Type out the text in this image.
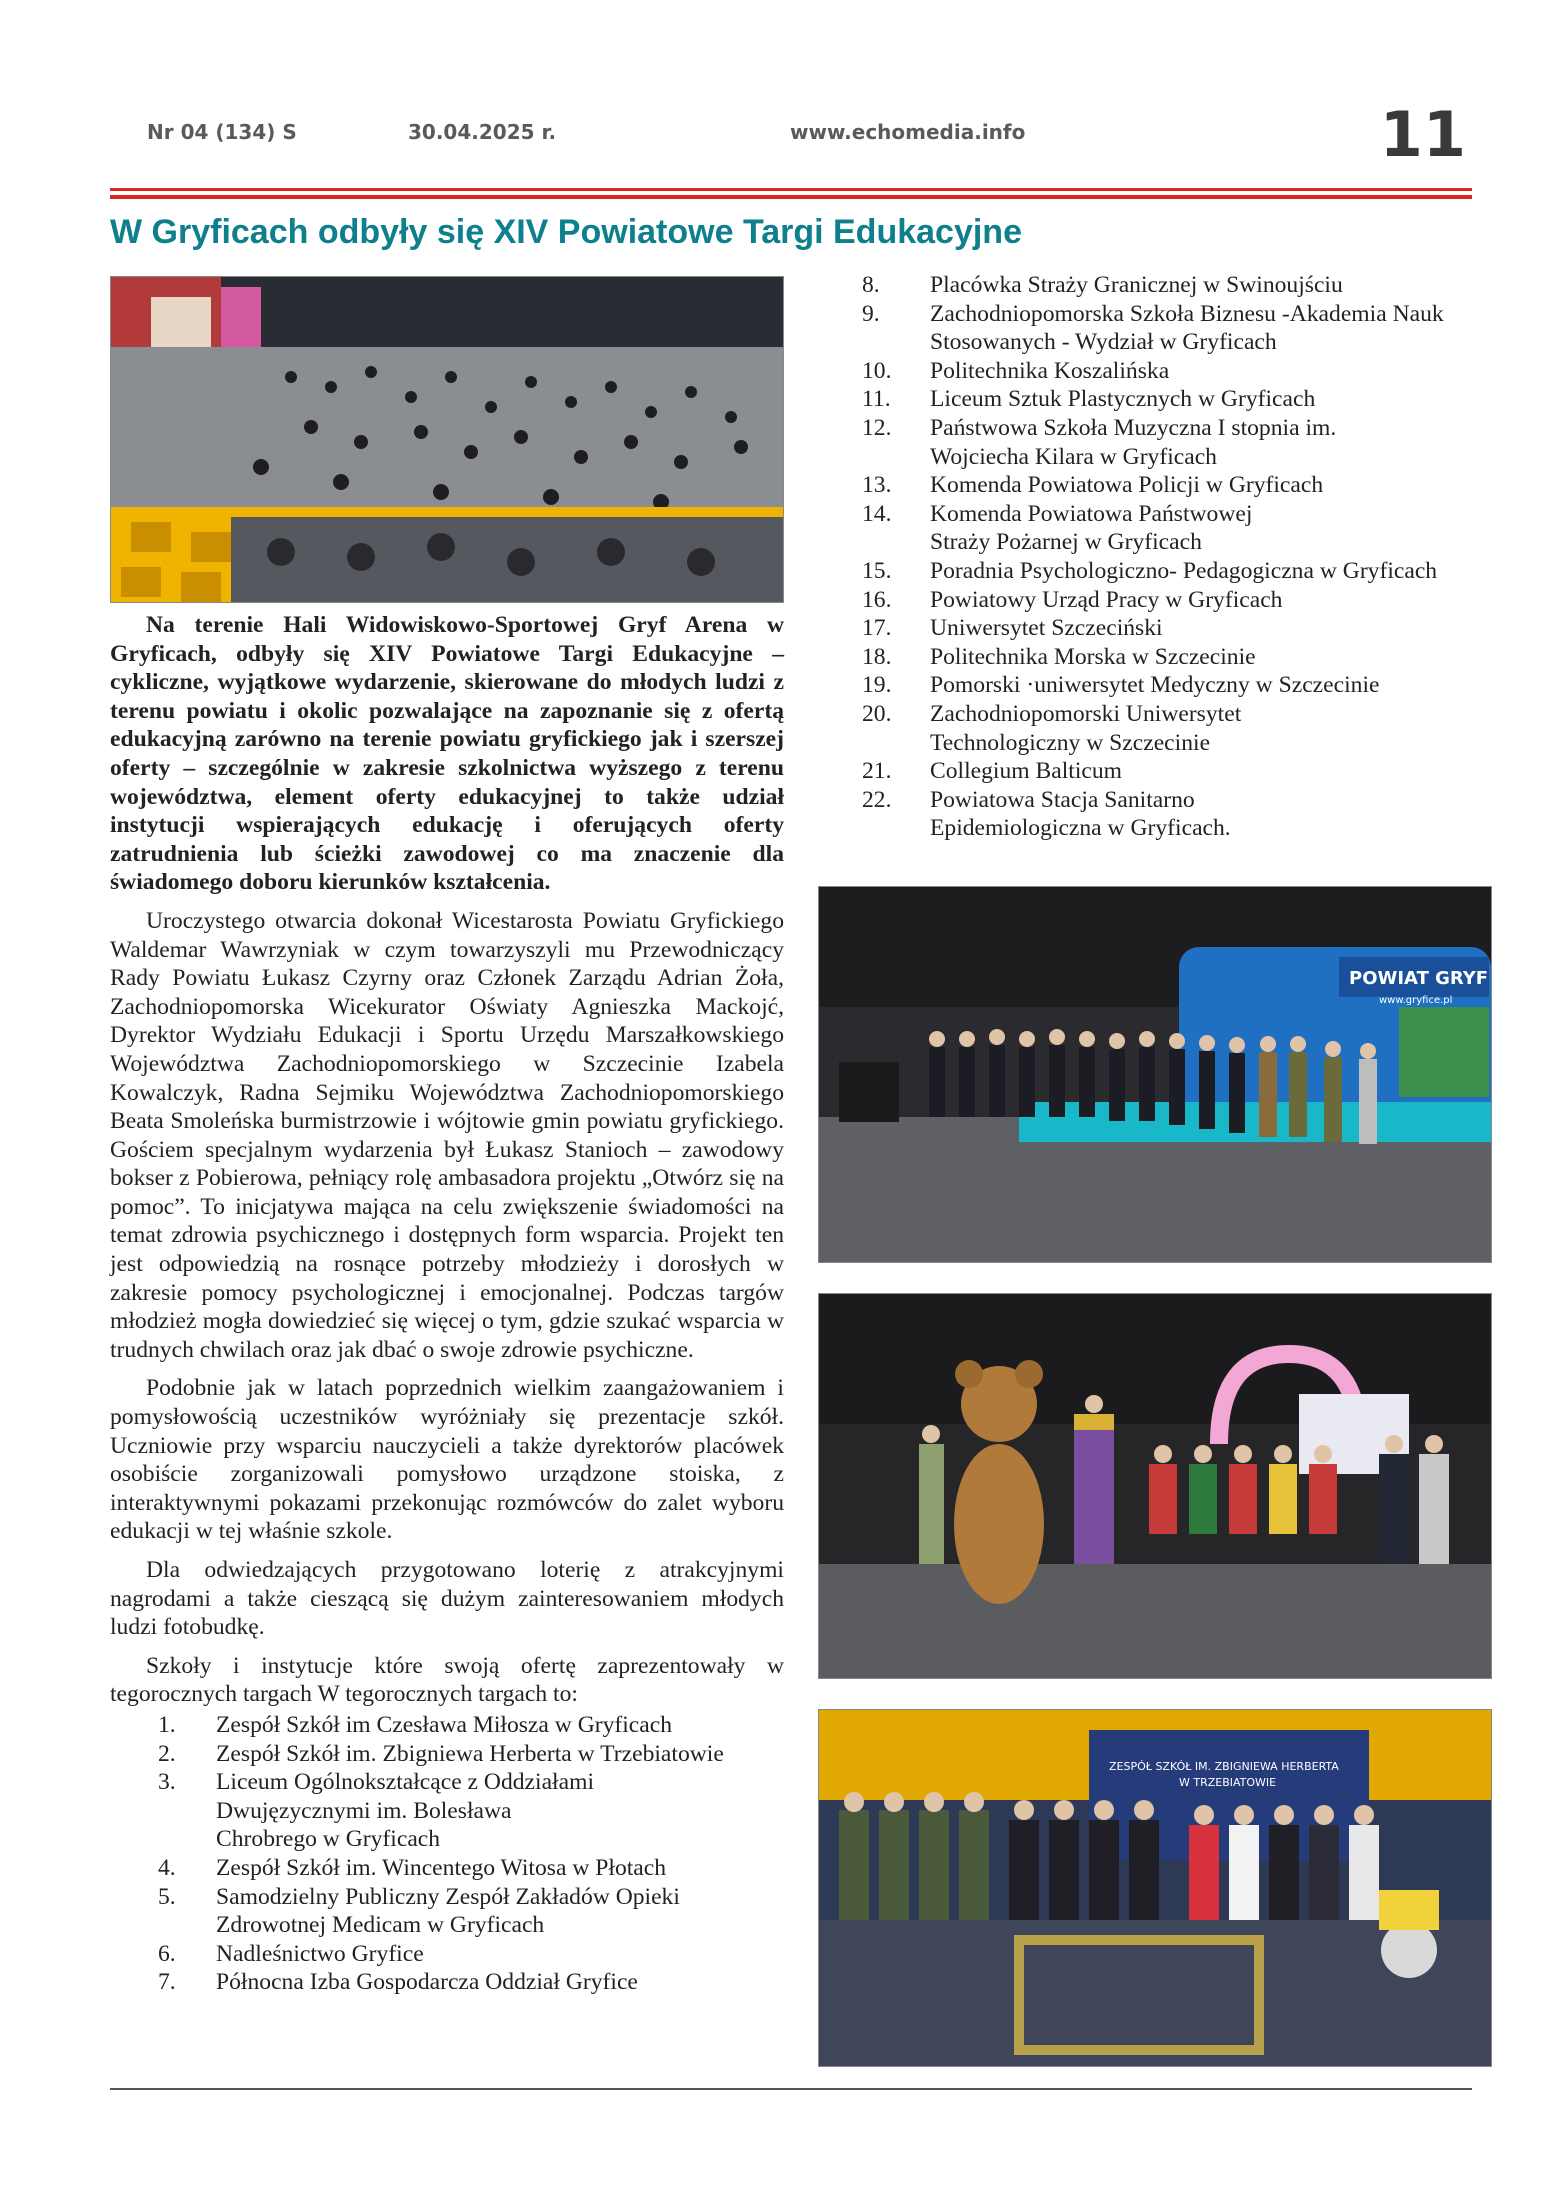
Nr 04 (134) S	30.04.2025 r.	www.echomedia.info	11
W Gryficach odbyły się XIV Powiatowe Targi Edukacyjne

Na terenie Hali Widowiskowo-Sportowej Gryf Arena w Gryficach, odbyły się XIV Powiatowe Targi Edukacyjne – cykliczne, wyjątkowe wydarzenie, skierowane do młodych ludzi z terenu powiatu i okolic pozwalające na zapoznanie się z ofertą edukacyjną zarówno na terenie powiatu gryfickiego jak i szerszej oferty – szczególnie w zakresie szkolnictwa wyższego z terenu województwa, element oferty edukacyjnej to także udział instytucji wspierających edukację i oferujących oferty zatrudnienia lub ścieżki zawodowej co ma znaczenie dla świadomego doboru kierunków kształcenia.

Uroczystego otwarcia dokonał Wicestarosta Powiatu Gryfickiego Waldemar Wawrzyniak w czym towarzyszyli mu Przewodniczący Rady Powiatu Łukasz Czyrny oraz Członek Zarządu Adrian Żoła, Zachodniopomorska Wicekurator Oświaty Agnieszka Mackojć, Dyrektor Wydziału Edukacji i Sportu Urzędu Marszałkowskiego Województwa Zachodniopomorskiego w Szczecinie Izabela Kowalczyk, Radna Sejmiku Województwa Zachodniopomorskiego Beata Smoleńska burmistrzowie i wójtowie gmin powiatu gryfickiego. Gościem specjalnym wydarzenia był Łukasz Stanioch – zawodowy bokser z Pobierowa, pełniący rolę ambasadora projektu „Otwórz się na pomoc”. To inicjatywa mająca na celu zwiększenie świadomości na temat zdrowia psychicznego i dostępnych form wsparcia. Projekt ten jest odpowiedzią na rosnące potrzeby młodzieży i dorosłych w zakresie pomocy psychologicznej i emocjonalnej. Podczas targów młodzież mogła dowiedzieć się więcej o tym, gdzie szukać wsparcia w trudnych chwilach oraz jak dbać o swoje zdrowie psychiczne.

Podobnie jak w latach poprzednich wielkim zaangażowaniem i pomysłowością uczestników wyróżniały się prezentacje szkół. Uczniowie przy wsparciu nauczycieli a także dyrektorów placówek osobiście zorganizowali pomysłowo urządzone stoiska, z interaktywnymi pokazami przekonując rozmówców do zalet wyboru edukacji w tej właśnie szkole.

Dla odwiedzających przygotowano loterię z atrakcyjnymi nagrodami a także cieszącą się dużym zainteresowaniem młodych ludzi fotobudkę.

Szkoły i instytucje które swoją ofertę zaprezentowały w tegorocznych targach W tegorocznych targach to:

1.	Zespół Szkół im Czesława Miłosza w Gryficach
2.	Zespół Szkół im. Zbigniewa Herberta w Trzebiatowie
3.	Liceum Ogólnokształcące z Oddziałami Dwujęzycznymi im. Bolesława Chrobrego w Gryficach
4.	Zespół Szkół im. Wincentego Witosa w Płotach
5.	Samodzielny Publiczny Zespół Zakładów Opieki Zdrowotnej Medicam w Gryficach
6.	Nadleśnictwo Gryfice
7.	Północna Izba Gospodarcza Oddział Gryfice
8.	Placówka Straży Granicznej w Swinoujściu
9.	Zachodniopomorska Szkoła Biznesu -Akademia Nauk Stosowanych - Wydział w Gryficach
10.	Politechnika Koszalińska
11.	Liceum Sztuk Plastycznych w Gryficach
12.	Państwowa Szkoła Muzyczna I stopnia im. Wojciecha Kilara w Gryficach
13.	Komenda Powiatowa Policji w Gryficach
14.	Komenda Powiatowa Państwowej Straży Pożarnej w Gryficach
15.	Poradnia Psychologiczno- Pedagogiczna w Gryficach
16.	Powiatowy Urząd Pracy w Gryficach
17.	Uniwersytet Szczeciński
18.	Politechnika Morska w Szczecinie
19.	Pomorski ·uniwersytet Medyczny w Szczecinie
20.	Zachodniopomorski Uniwersytet Technologiczny w Szczecinie
21.	Collegium Balticum
22.	Powiatowa Stacja Sanitarno Epidemiologiczna w Gryficach.
POWIAT GRYF
www.gryfice.pl
ZESPÓŁ SZKÓŁ IM. ZBIGNIEWA HERBERTA
W TRZEBIATOWIE
